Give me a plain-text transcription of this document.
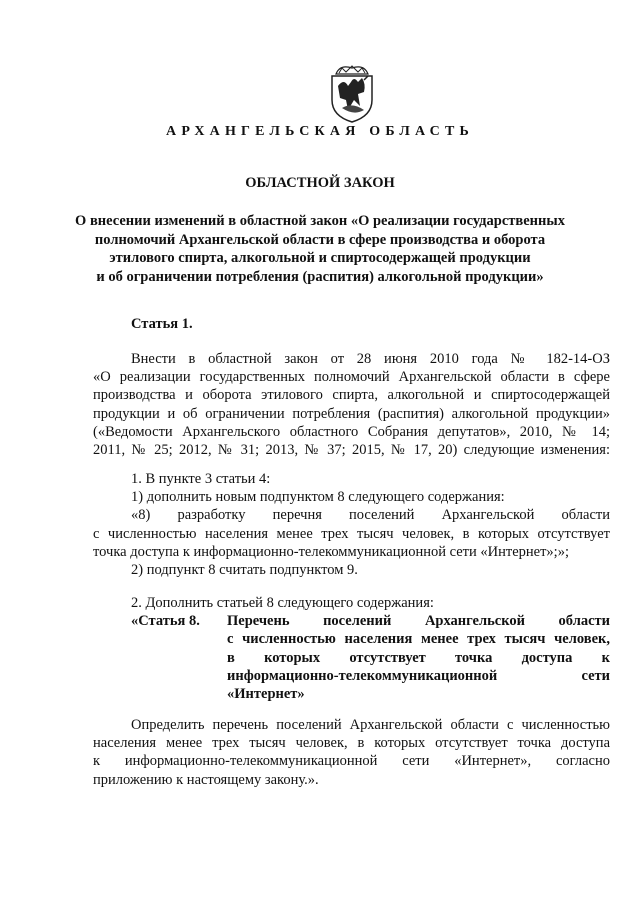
АРХАНГЕЛЬСКАЯ ОБЛАСТЬ
ОБЛАСТНОЙ ЗАКОН
О внесении изменений в областной закон «О реализации государственных
полномочий Архангельской области в сфере производства и оборота
этилового спирта, алкогольной и спиртосодержащей продукции
и об ограничении потребления (распития) алкогольной продукции»
Статья 1.
Внести в областной закон от 28 июня 2010 года № 182-14-ОЗ
«О реализации государственных полномочий Архангельской области в сфере
производства и оборота этилового спирта, алкогольной и спиртосодержащей
продукции и об ограничении потребления (распития) алкогольной продукции»
(«Ведомости Архангельского областного Собрания депутатов», 2010, № 14;
2011, № 25; 2012, № 31; 2013, № 37; 2015, № 17, 20) следующие изменения:
1. В пункте 3 статьи 4:
1) дополнить новым подпунктом 8 следующего содержания:
«8) разработку перечня поселений Архангельской области
с численностью населения менее трех тысяч человек, в которых отсутствует
точка доступа к информационно-телекоммуникационной сети «Интернет»;»;
2) подпункт 8 считать подпунктом 9.
2. Дополнить статьей 8 следующего содержания:
«Статья 8.	Перечень поселений Архангельской области
с численностью населения менее трех тысяч человек,
в которых отсутствует точка доступа к
информационно-телекоммуникационной сети
«Интернет»
Определить перечень поселений Архангельской области с численностью
населения менее трех тысяч человек, в которых отсутствует точка доступа
к информационно-телекоммуникационной сети «Интернет», согласно
приложению к настоящему закону.».
